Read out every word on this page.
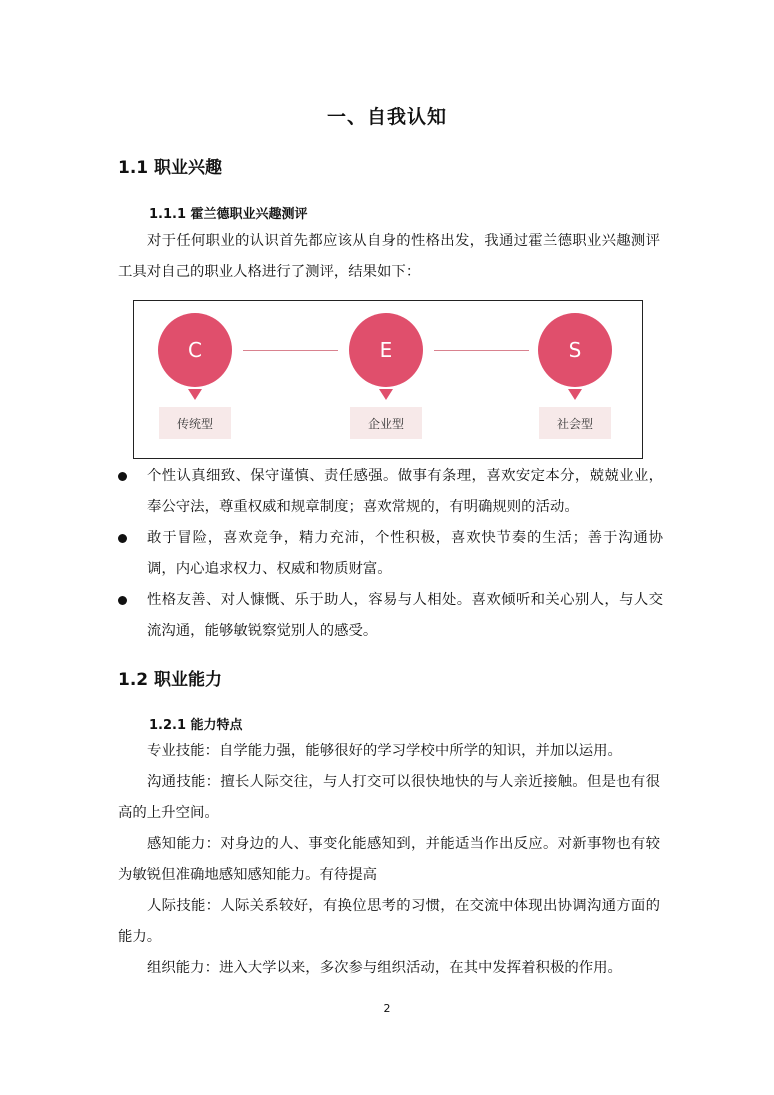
一、自我认知
1.1 职业兴趣
1.1.1 霍兰德职业兴趣测评
对于任何职业的认识首先都应该从自身的性格出发，我通过霍兰德职业兴趣测评工具对自己的职业人格进行了测评，结果如下：
C
传统型
E
企业型
S
社会型
个性认真细致、保守谨慎、责任感强。做事有条理，喜欢安定本分，兢兢业业，奉公守法，尊重权威和规章制度；喜欢常规的，有明确规则的活动。
敢于冒险，喜欢竞争，精力充沛，个性积极，喜欢快节奏的生活；善于沟通协调，内心追求权力、权威和物质财富。
性格友善、对人慷慨、乐于助人，容易与人相处。喜欢倾听和关心别人，与人交流沟通，能够敏锐察觉别人的感受。
1.2 职业能力
1.2.1 能力特点
专业技能：自学能力强，能够很好的学习学校中所学的知识，并加以运用。
沟通技能：擅长人际交往，与人打交可以很快地快的与人亲近接触。但是也有很高的上升空间。
感知能力：对身边的人、事变化能感知到，并能适当作出反应。对新事物也有较为敏锐但准确地感知感知能力。有待提高
人际技能：人际关系较好，有换位思考的习惯，在交流中体现出协调沟通方面的能力。
组织能力：进入大学以来，多次参与组织活动，在其中发挥着积极的作用。
2
